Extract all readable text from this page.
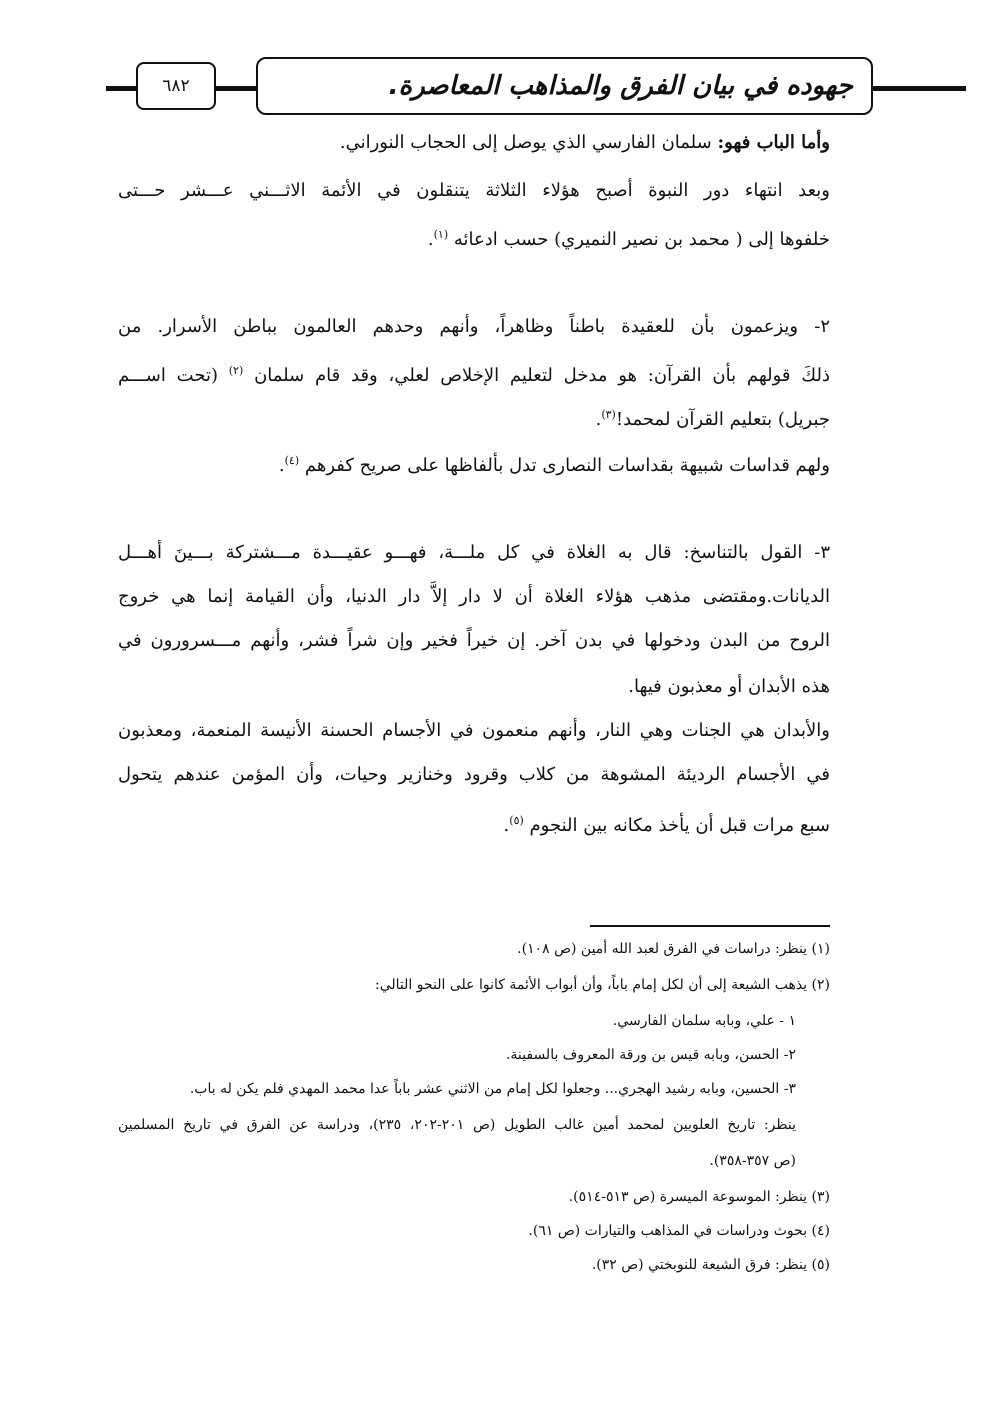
٦٨٢	جهوده في بيان الفرق والمذاهب المعاصرة.
وأما الباب فهو: سلمان الفارسي الذي يوصل إلى الحجاب النوراني.
وبعد انتهاء دور النبوة أصبح هؤلاء الثلاثة يتنقلون في الأئمة الاثـــني عـــشر حـــتى
خلفوها إلى ( محمد بن نصير النميري) حسب ادعائه $^{(١)}$.
٢- ويزعمون بأن للعقيدة باطناً وظاهراً، وأنهم وحدهم العالمون بباطن الأسرار. من
ذلكَ قولهم بأن القرآن: هو مدخل لتعليم الإخلاص لعلي، وقد قام سلمان $^{(٢)}$ (تحت اســـم
جبريل) بتعليم القرآن لمحمد!$^{(٣)}$.
ولهم قداسات شبيهة بقداسات النصارى تدل بألفاظها على صريح كفرهم $^{(٤)}$.
٣- القول بالتناسخ: قال به الغلاة في كل ملـــة، فهـــو عقيـــدة مـــشتركة بـــينَ أهـــل
الديانات.ومقتضى مذهب هؤلاء الغلاة أن لا دار إلاَّ دار الدنيا، وأن القيامة إنما هي خروج
الروح من البدن ودخولها في بدن آخر. إن خيراً فخير وإن شراً فشر، وأنهم مـــسرورون في
هذه الأبدان أو معذبون فيها.
والأبدان هي الجنات وهي النار، وأنهم منعمون في الأجسام الحسنة الأنيسة المنعمة، ومعذبون
في الأجسام الرديئة المشوهة من كلاب وقرود وخنازير وحيات، وأن المؤمن عندهم يتحول
سبع مرات قبل أن يأخذ مكانه بين النجوم $^{(٥)}$.
(١) ينظر: دراسات في الفرق لعبد الله أمين (ص ١٠٨).
(٢) يذهب الشيعة إلى أن لكل إمام باباً، وأن أبواب الأئمة كانوا على النحو التالي:
١ - علي، وبابه سلمان الفارسي.
٢- الحسن، وبابه قيس بن ورقة المعروف بالسفينة.
٣- الحسين، وبابه رشيد الهجري... وجعلوا لكل إمام من الاثني عشر باباً عدا محمد المهدي فلم يكن له باب.
ينظر: تاريخ العلويين لمحمد أمين غالب الطويل (ص ٢٠١-٢٠٢، ٢٣٥)، ودراسة عن الفرق في تاريخ المسلمين
(ص ٣٥٧-٣٥٨).
(٣) ينظر: الموسوعة الميسرة (ص ٥١٣-٥١٤).
(٤) بحوث ودراسات في المذاهب والتيارات (ص ٦١).
(٥) ينظر: فرق الشيعة للنوبختي (ص ٣٢).
